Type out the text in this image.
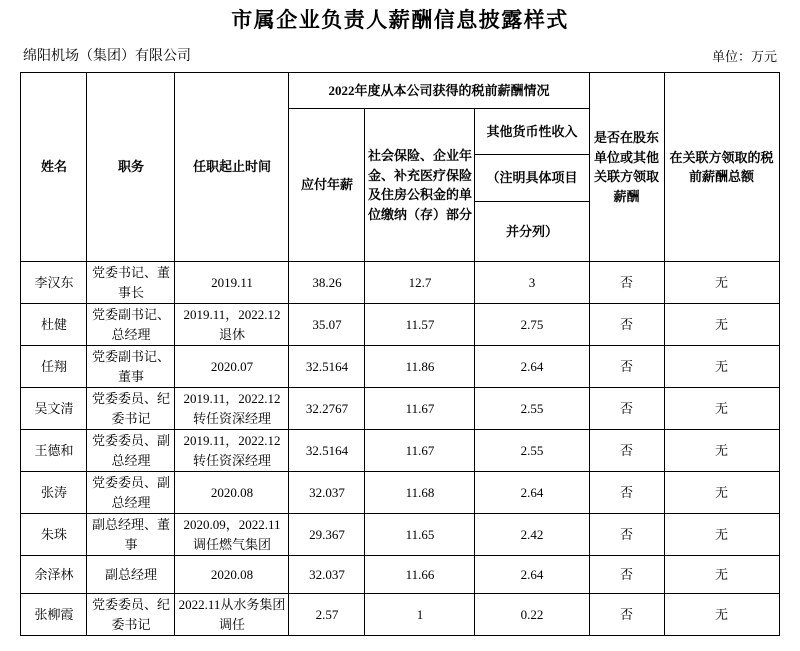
市属企业负责人薪酬信息披露样式
绵阳机场（集团）有限公司	单位：万元
姓名	职务	任职起止时间	2022年度从本公司获得的税前薪酬情况			是否在股东单位或其他关联方领取薪酬	在关联方领取的税前薪酬总额
			应付年薪	社会保险、企业年金、补充医疗保险及住房公积金的单位缴纳（存）部分	其他货币性收入		
					（注明具体项目		
					并分列）		
李汉东	党委书记、董事长	2019.11	38.26	12.7	3	否	无
杜健	党委副书记、总经理	2019.11，2022.12退休	35.07	11.57	2.75	否	无
任翔	党委副书记、董事	2020.07	32.5164	11.86	2.64	否	无
吴文清	党委委员、纪委书记	2019.11，2022.12转任资深经理	32.2767	11.67	2.55	否	无
王德和	党委委员、副总经理	2019.11，2022.12转任资深经理	32.5164	11.67	2.55	否	无
张涛	党委委员、副总经理	2020.08	32.037	11.68	2.64	否	无
朱珠	副总经理、董事	2020.09，2022.11调任燃气集团	29.367	11.65	2.42	否	无
余泽林	副总经理	2020.08	32.037	11.66	2.64	否	无
张柳霞	党委委员、纪委书记	2022.11从水务集团调任	2.57	1	0.22	否	无
